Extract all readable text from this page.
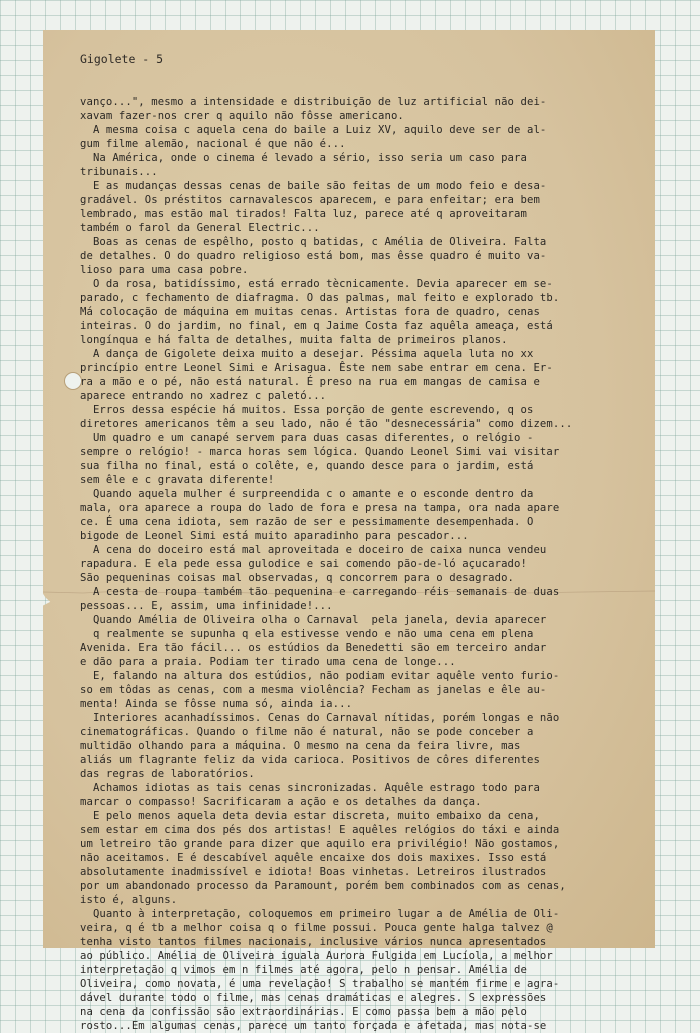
Gigolete - 5
vanço...", mesmo a intensidade e distribuição de luz artificial não dei-
xavam fazer-nos crer q aquilo não fôsse americano.
A mesma coisa c aquela cena do baile a Luiz XV, aquilo deve ser de al-
gum filme alemão, nacional é que não é...
Na América, onde o cinema é levado a sério, isso seria um caso para
tribunais...
E as mudanças dessas cenas de baile são feitas de um modo feio e desa-
gradável. Os préstitos carnavalescos aparecem, e para enfeitar; era bem
lembrado, mas estão mal tirados! Falta luz, parece até q aproveitaram
também o farol da General Electric...
Boas as cenas de espêlho, posto q batidas, c Amélia de Oliveira. Falta
de detalhes. O do quadro religioso está bom, mas êsse quadro é muito va-
lioso para uma casa pobre.
O da rosa, batidíssimo, está errado tècnicamente. Devia aparecer em se-
parado, c fechamento de diafragma. O das palmas, mal feito e explorado tb.
Má colocação de máquina em muitas cenas. Artistas fora de quadro, cenas
inteiras. O do jardim, no final, em q Jaime Costa faz aquêla ameaça, está
longínqua e há falta de detalhes, muita falta de primeiros planos.
A dança de Gigolete deixa muito a desejar. Péssima aquela luta no xx
princípio entre Leonel Simi e Arisagua. Êste nem sabe entrar em cena. Er-
ra a mão e o pé, não está natural. É preso na rua em mangas de camisa e
aparece entrando no xadrez c paletó...
Erros dessa espécie há muitos. Essa porção de gente escrevendo, q os
diretores americanos têm a seu lado, não é tão "desnecessária" como dizem...
Um quadro e um canapé servem para duas casas diferentes, o relógio -
sempre o relógio! - marca horas sem lógica. Quando Leonel Simi vai visitar
sua filha no final, está o colête, e, quando desce para o jardim, está
sem êle e c gravata diferente!
Quando aquela mulher é surpreendida c o amante e o esconde dentro da
mala, ora aparece a roupa do lado de fora e presa na tampa, ora nada apare
ce. É uma cena idiota, sem razão de ser e pessimamente desempenhada. O
bigode de Leonel Simi está muito aparadinho para pescador...
A cena do doceiro está mal aproveitada e doceiro de caixa nunca vendeu
rapadura. E ela pede essa gulodice e sai comendo pão-de-ló açucarado!
São pequeninas coisas mal observadas, q concorrem para o desagrado.
A cesta de roupa também tão pequenina e carregando réis semanais de duas
pessoas... E, assim, uma infinidade!...
Quando Amélia de Oliveira olha o Carnaval  pela janela, devia aparecer
q realmente se supunha q ela estivesse vendo e não uma cena em plena
Avenida. Era tão fácil... os estúdios da Benedetti são em terceiro andar
e dão para a praia. Podiam ter tirado uma cena de longe...
E, falando na altura dos estúdios, não podiam evitar aquêle vento furio-
so em tôdas as cenas, com a mesma violência? Fecham as janelas e êle au-
menta! Ainda se fôsse numa só, ainda ia...
Interiores acanhadíssimos. Cenas do Carnaval nítidas, porém longas e não
cinematográficas. Quando o filme não é natural, não se pode conceber a
multidão olhando para a máquina. O mesmo na cena da feira livre, mas
aliás um flagrante feliz da vida carioca. Positivos de côres diferentes
das regras de laboratórios.
Achamos idiotas as tais cenas sincronizadas. Aquêle estrago todo para
marcar o compasso! Sacrificaram a ação e os detalhes da dança.
E pelo menos aquela deta devia estar discreta, muito embaixo da cena,
sem estar em cima dos pés dos artistas! E aquêles relógios do táxi e ainda
um letreiro tão grande para dizer que aquilo era privilégio! Não gostamos,
não aceitamos. E é descabível aquêle encaixe dos dois maxixes. Isso está
absolutamente inadmissível e idiota! Boas vinhetas. Letreiros ilustrados
por um abandonado processo da Paramount, porém bem combinados com as cenas,
isto é, alguns.
Quanto à interpretação, coloquemos em primeiro lugar a de Amélia de Oli-
veira, q é tb a melhor coisa q o filme possui. Pouca gente halga talvez @
tenha visto tantos filmes nacionais, inclusive vários nunca apresentados
ao público. Amélia de Oliveira iguala Aurora Fulgida em Lucíola, a melhor
interpretação q vimos em n filmes até agora, pelo n pensar. Amélia de
Oliveira, como novata, é uma revelação! S trabalho se mantém firme e agra-
dável durante todo o filme, mas cenas dramáticas e alegres. S expressões
na cena da confissão são extraordinárias. E como passa bem a mão pelo
rosto...Em algumas cenas, parece um tanto forçada e afetada, mas nota-se
